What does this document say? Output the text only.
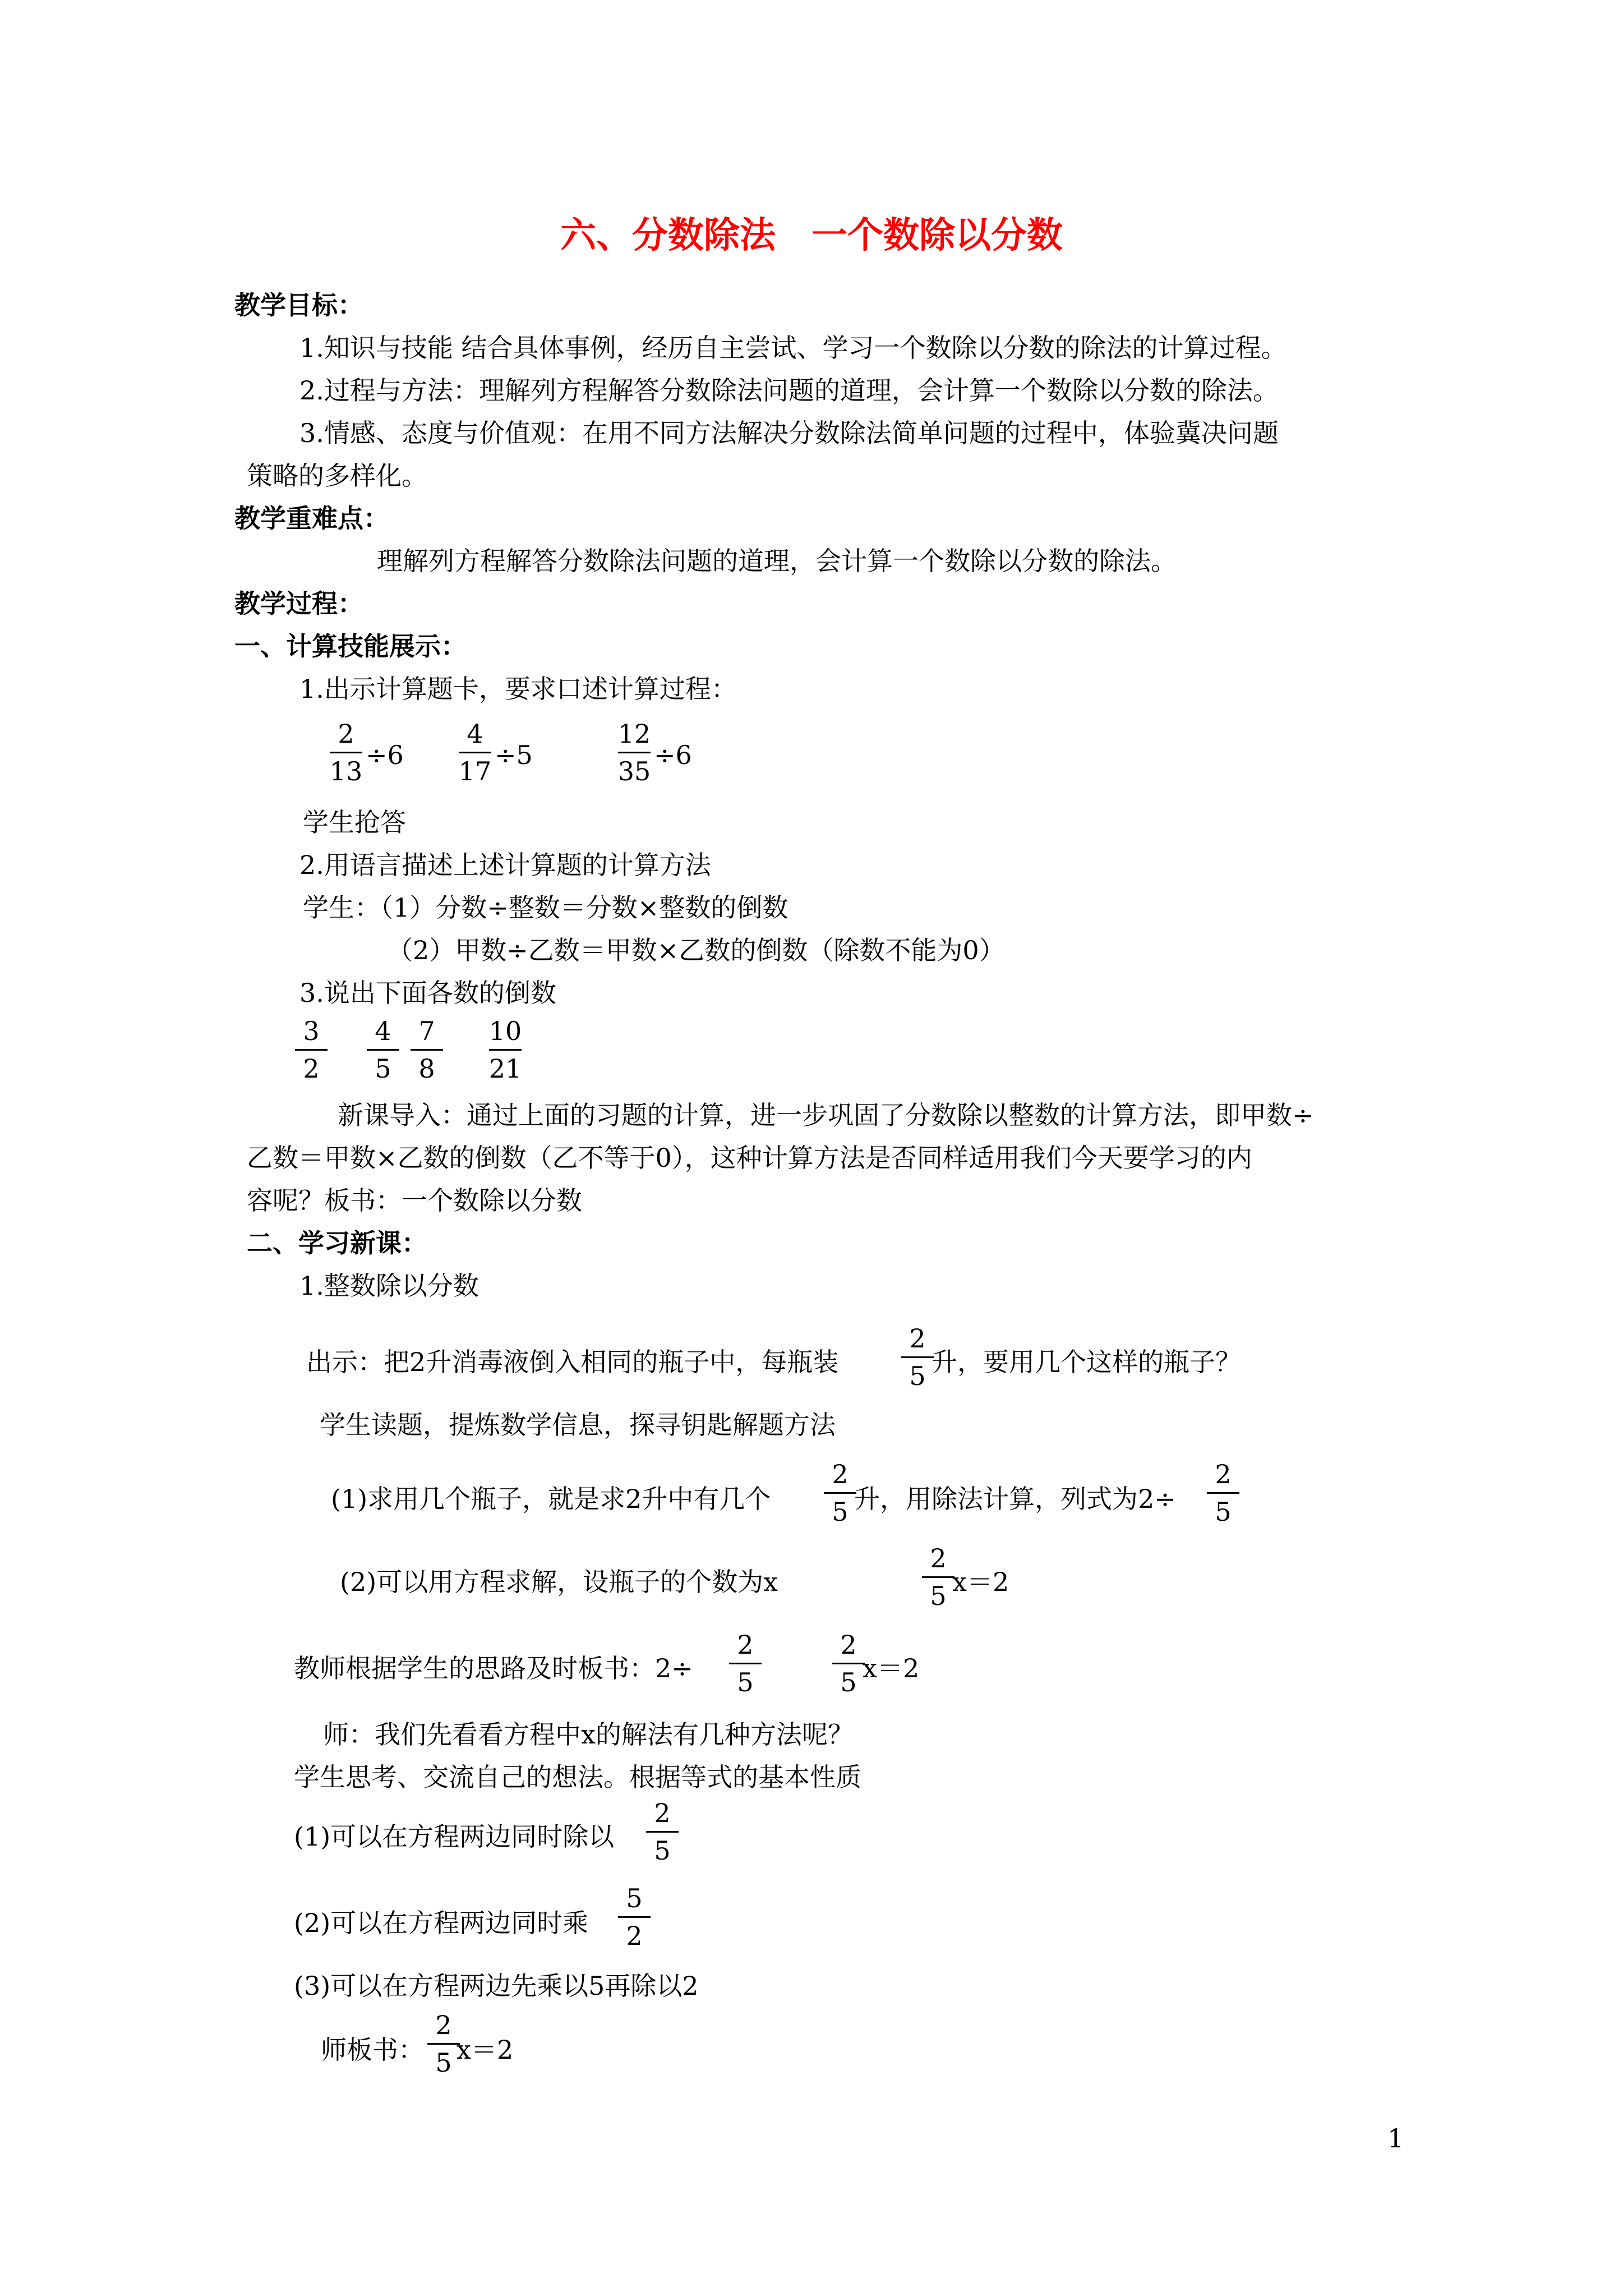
六、分数除法　一个数除以分数
教学目标：
1.知识与技能 结合具体事例，经历自主尝试、学习一个数除以分数的除法的计算过程。
2.过程与方法：理解列方程解答分数除法问题的道理，会计算一个数除以分数的除法。
3.情感、态度与价值观：在用不同方法解决分数除法简单问题的过程中，体验冀决问题
策略的多样化。
教学重难点：
理解列方程解答分数除法问题的道理，会计算一个数除以分数的除法。
教学过程：
一、计算技能展示：
1.出示计算题卡，要求口述计算过程：
2
13
÷6
4
17
÷5
12
35
÷6
学生抢答
2.用语言描述上述计算题的计算方法
学生：（1）分数÷整数＝分数×整数的倒数
（2）甲数÷乙数＝甲数×乙数的倒数（除数不能为0）
3.说出下面各数的倒数
3
2
4
5
7
8
10
21
新课导入：通过上面的习题的计算，进一步巩固了分数除以整数的计算方法，即甲数÷
乙数＝甲数×乙数的倒数（乙不等于0），这种计算方法是否同样适用我们今天要学习的内
容呢？板书：一个数除以分数
二、学习新课：
1.整数除以分数
出示：把2升消毒液倒入相同的瓶子中，每瓶装
2
5 升，要用几个这样的瓶子？
学生读题，提炼数学信息，探寻钥匙解题方法
(1)求用几个瓶子，就是求2升中有几个
2
5 升，用除法计算，列式为2÷
2
5
(2)可以用方程求解，设瓶子的个数为x
2
5 x＝2
教师根据学生的思路及时板书：2÷
2
5
2
5 x＝2
师：我们先看看方程中x的解法有几种方法呢？
学生思考、交流自己的想法。根据等式的基本性质
(1)可以在方程两边同时除以
2
5
(2)可以在方程两边同时乘
5
2
(3)可以在方程两边先乘以5再除以2
师板书：
2
5 x＝2
1
